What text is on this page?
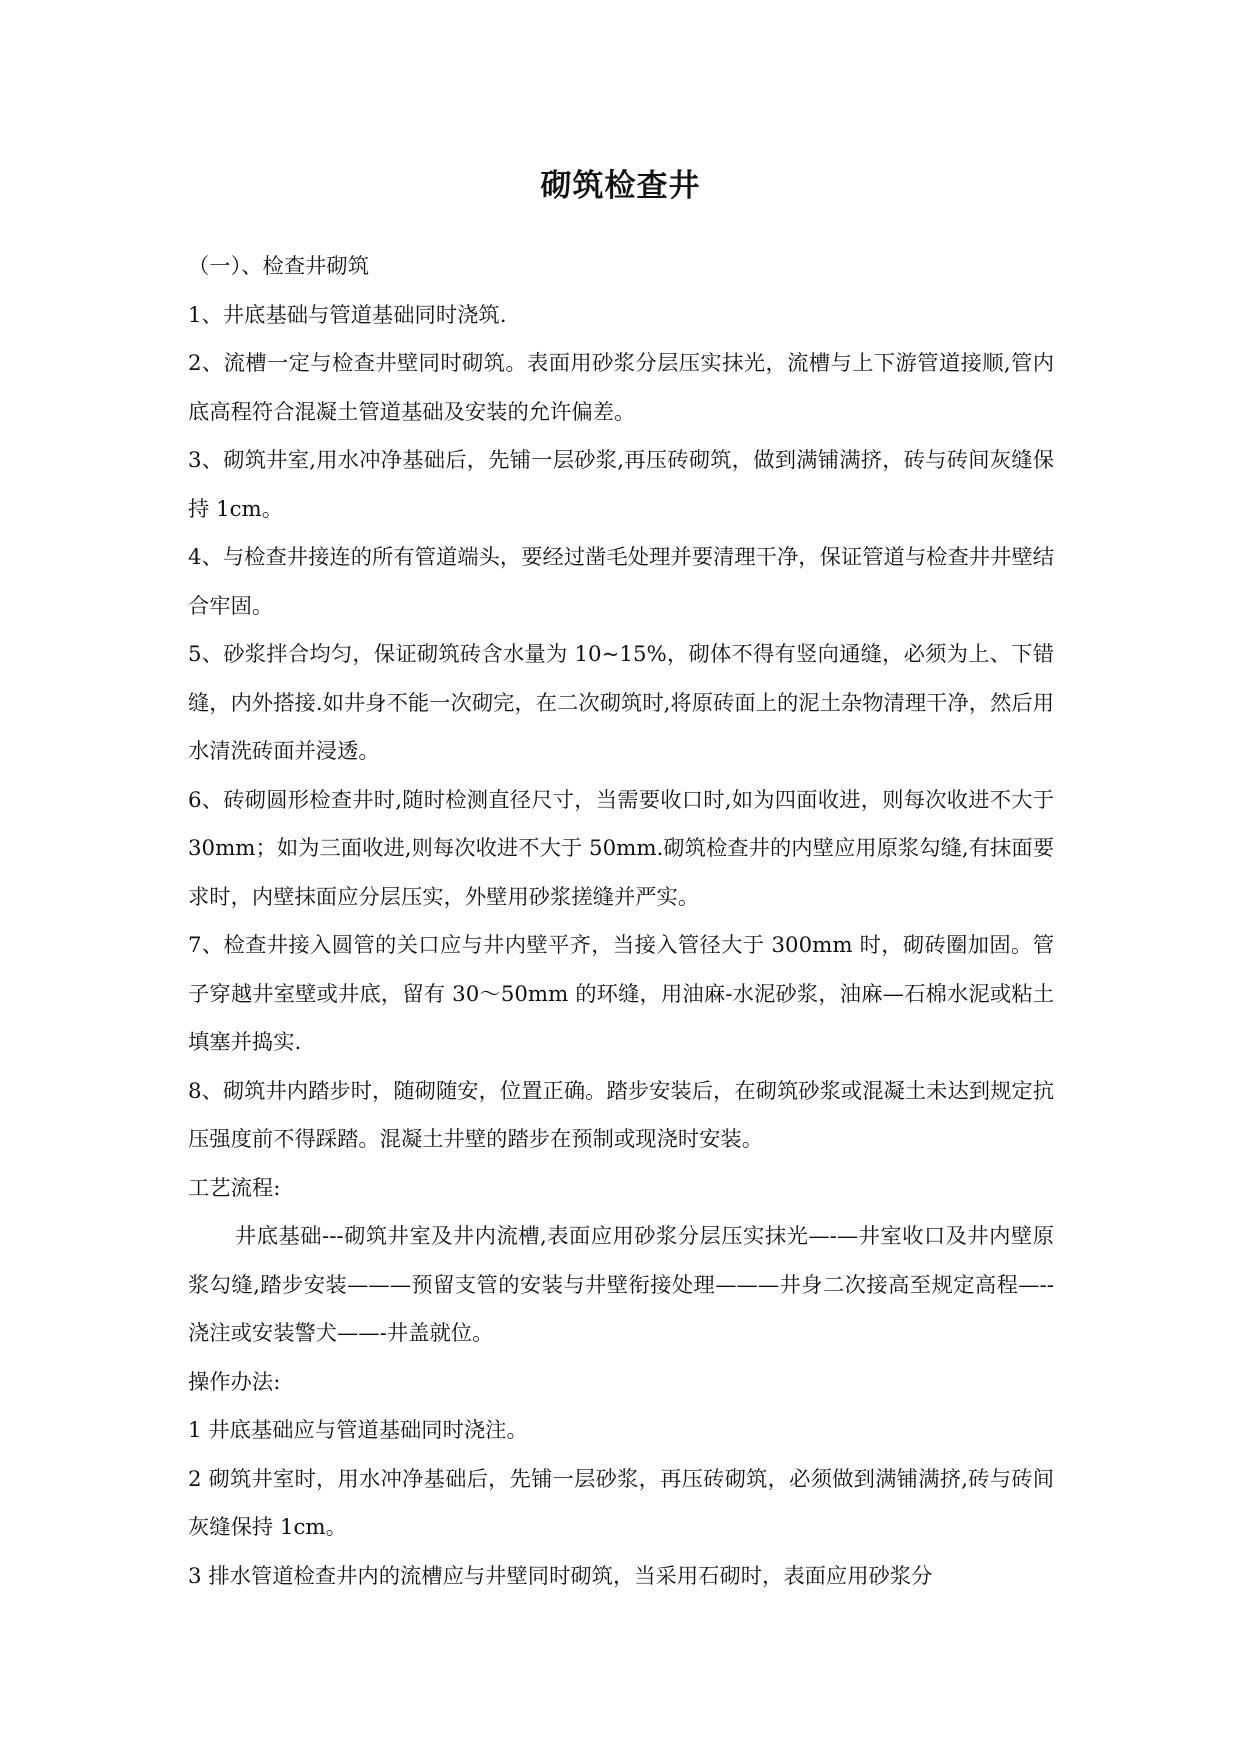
砌筑检查井

（一）、检查井砌筑

1、井底基础与管道基础同时浇筑.

2、流槽一定与检查井壁同时砌筑。表面用砂浆分层压实抹光，流槽与上下游管道接顺,管内底高程符合混凝土管道基础及安装的允许偏差。

3、砌筑井室,用水冲净基础后，先铺一层砂浆,再压砖砌筑，做到满铺满挤，砖与砖间灰缝保持 1cm。

4、与检查井接连的所有管道端头，要经过凿毛处理并要清理干净，保证管道与检查井井壁结合牢固。

5、砂浆拌合均匀，保证砌筑砖含水量为 10~15%，砌体不得有竖向通缝，必须为上、下错缝，内外搭接.如井身不能一次砌完，在二次砌筑时,将原砖面上的泥土杂物清理干净，然后用水清洗砖面并浸透。

6、砖砌圆形检查井时,随时检测直径尺寸，当需要收口时,如为四面收进，则每次收进不大于 30mm；如为三面收进,则每次收进不大于 50mm.砌筑检查井的内壁应用原浆勾缝,有抹面要求时，内壁抹面应分层压实，外壁用砂浆搓缝并严实。

7、检查井接入圆管的关口应与井内壁平齐，当接入管径大于 300mm 时，砌砖圈加固。管子穿越井室壁或井底，留有 30～50mm 的环缝，用油麻-水泥砂浆，油麻—石棉水泥或粘土填塞并捣实.

8、砌筑井内踏步时，随砌随安，位置正确。踏步安装后，在砌筑砂浆或混凝土未达到规定抗压强度前不得踩踏。混凝土井壁的踏步在预制或现浇时安装。

工艺流程:

井底基础---砌筑井室及井内流槽,表面应用砂浆分层压实抹光—-—井室收口及井内壁原浆勾缝,踏步安装———预留支管的安装与井壁衔接处理———井身二次接高至规定高程—--浇注或安装警犬——-井盖就位。

操作办法:

1 井底基础应与管道基础同时浇注。

2 砌筑井室时，用水冲净基础后，先铺一层砂浆，再压砖砌筑，必须做到满铺满挤,砖与砖间灰缝保持 1cm。

3 排水管道检查井内的流槽应与井壁同时砌筑，当采用石砌时，表面应用砂浆分
